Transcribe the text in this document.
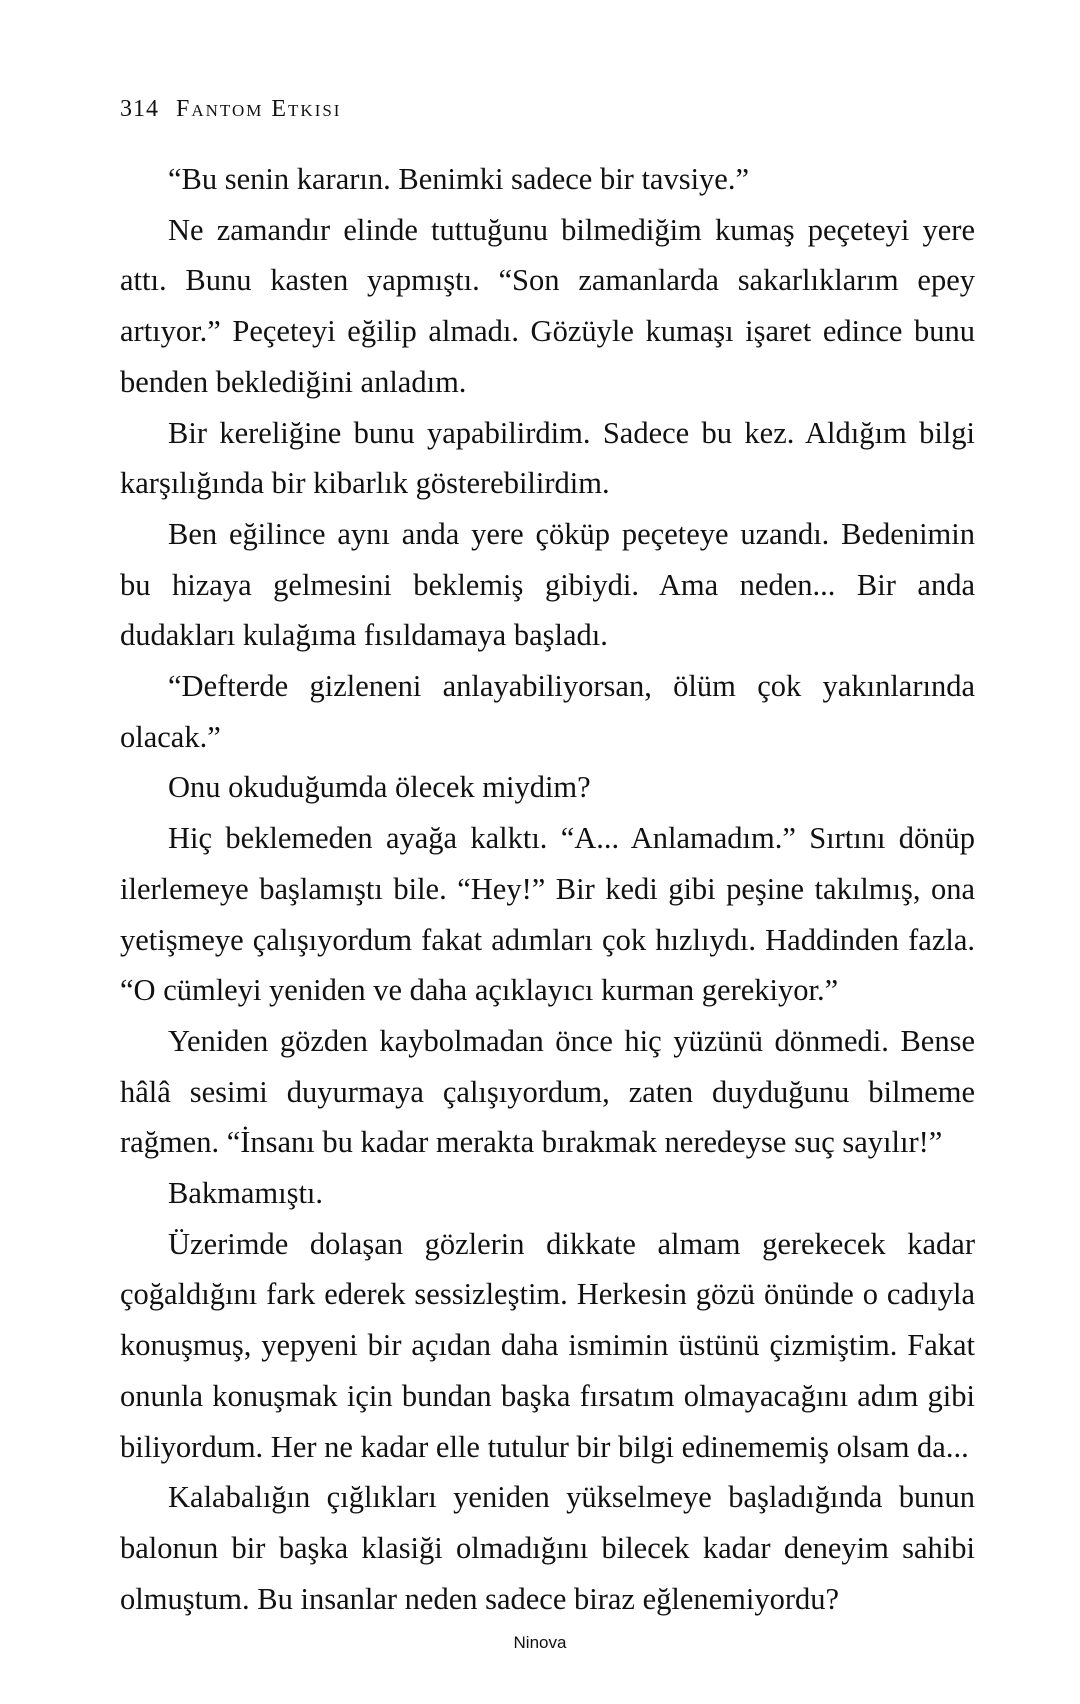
314 Fantom Etkisi

“Bu senin kararın. Benimki sadece bir tavsiye.”

Ne zamandır elinde tuttuğunu bilmediğim kumaş peçeteyi yere attı. Bunu kasten yapmıştı. “Son zamanlarda sakarlıklarım epey artıyor.” Peçeteyi eğilip almadı. Gözüyle kumaşı işaret edince bunu benden beklediğini anladım.

Bir kereliğine bunu yapabilirdim. Sadece bu kez. Aldığım bilgi karşılığında bir kibarlık gösterebilirdim.

Ben eğilince aynı anda yere çöküp peçeteye uzandı. Bedenimin bu hizaya gelmesini beklemiş gibiydi. Ama neden... Bir anda dudakları kulağıma fısıldamaya başladı.

“Defterde gizleneni anlayabiliyorsan, ölüm çok yakınlarında olacak.”

Onu okuduğumda ölecek miydim?

Hiç beklemeden ayağa kalktı. “A... Anlamadım.” Sırtını dönüp ilerlemeye başlamıştı bile. “Hey!” Bir kedi gibi peşine takılmış, ona yetişmeye çalışıyordum fakat adımları çok hızlıydı. Haddinden fazla. “O cümleyi yeniden ve daha açıklayıcı kurman gerekiyor.”

Yeniden gözden kaybolmadan önce hiç yüzünü dönmedi. Bense hâlâ sesimi duyurmaya çalışıyordum, zaten duyduğunu bilmeme rağmen. “İnsanı bu kadar merakta bırakmak neredeyse suç sayılır!”

Bakmamıştı.

Üzerimde dolaşan gözlerin dikkate almam gerekecek kadar çoğaldığını fark ederek sessizleştim. Herkesin gözü önünde o cadıyla konuşmuş, yepyeni bir açıdan daha ismimin üstünü çizmiştim. Fakat onunla konuşmak için bundan başka fırsatım olmayacağını adım gibi biliyordum. Her ne kadar elle tutulur bir bilgi edinememiş olsam da...

Kalabalığın çığlıkları yeniden yükselmeye başladığında bunun balonun bir başka klasiği olmadığını bilecek kadar deneyim sahibi olmuştum. Bu insanlar neden sadece biraz eğlenemiyordu?

Ninova
